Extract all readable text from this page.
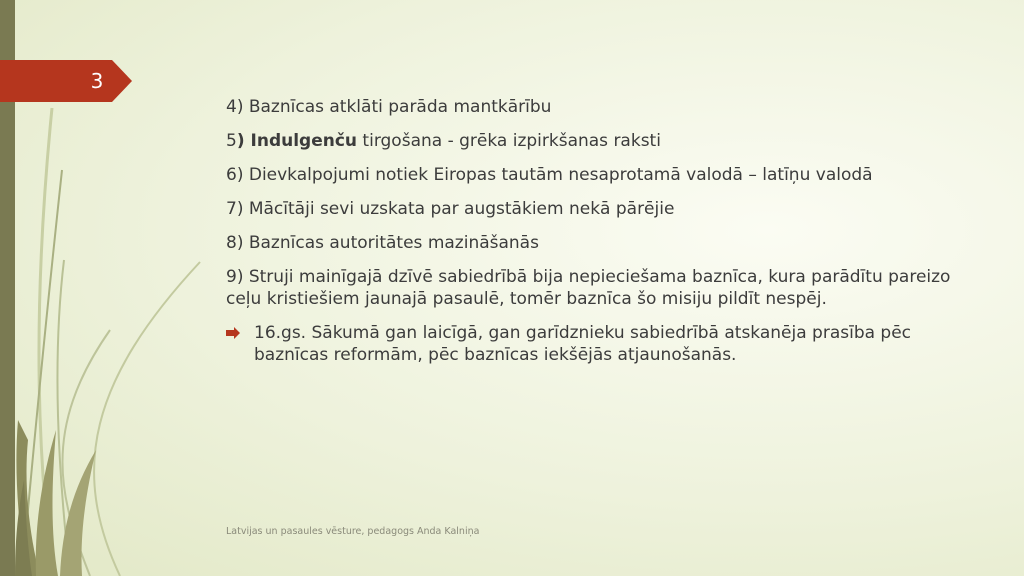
3

4) Baznīcas atklāti parāda mantkārību

5) Indulgenču tirgošana - grēka izpirkšanas raksti

6) Dievkalpojumi notiek Eiropas tautām nesaprotamā valodā – latīņu valodā

7) Mācītāji sevi uzskata par augstākiem nekā pārējie

8) Baznīcas autoritātes mazināšanās

9) Struji mainīgajā dzīvē sabiedrībā bija nepieciešama baznīca, kura parādītu pareizo ceļu kristiešiem jaunajā pasaulē, tomēr baznīca šo misiju pildīt nespēj.

16.gs. Sākumā gan laicīgā, gan garīdznieku sabiedrībā atskanēja prasība pēc baznīcas reformām, pēc baznīcas iekšējās atjaunošanās.
Latvijas un pasaules vēsture, pedagogs Anda Kalniņa
